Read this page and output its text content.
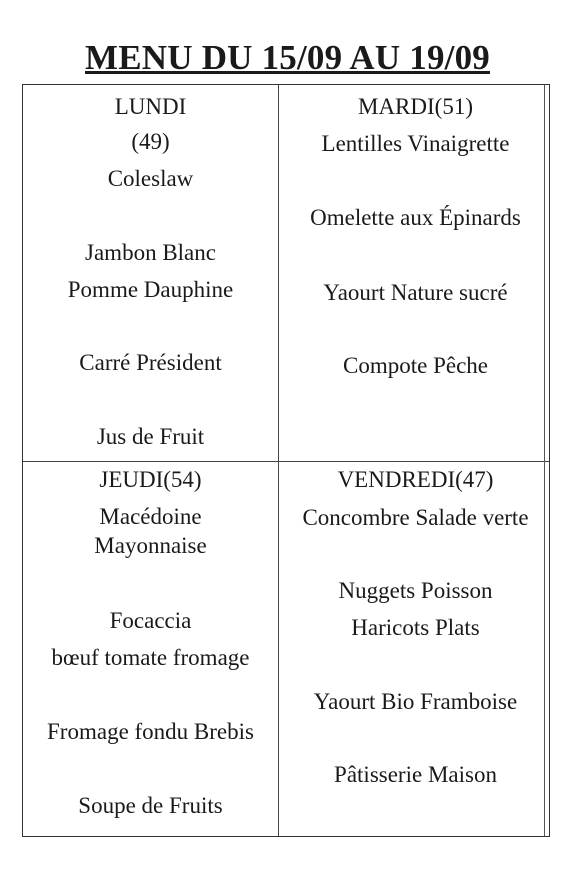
MENU DU 15/09 AU 19/09
LUNDI
(49)
Coleslaw
Jambon Blanc
Pomme Dauphine
Carré Président
Jus de Fruit
MARDI(51)
Lentilles Vinaigrette
Omelette aux Épinards
Yaourt Nature sucré
Compote Pêche
JEUDI(54)
Macédoine
Mayonnaise
Focaccia
bœuf tomate fromage
Fromage fondu Brebis
Soupe de Fruits
VENDREDI(47)
Concombre Salade verte
Nuggets Poisson
Haricots Plats
Yaourt Bio Framboise
Pâtisserie Maison
